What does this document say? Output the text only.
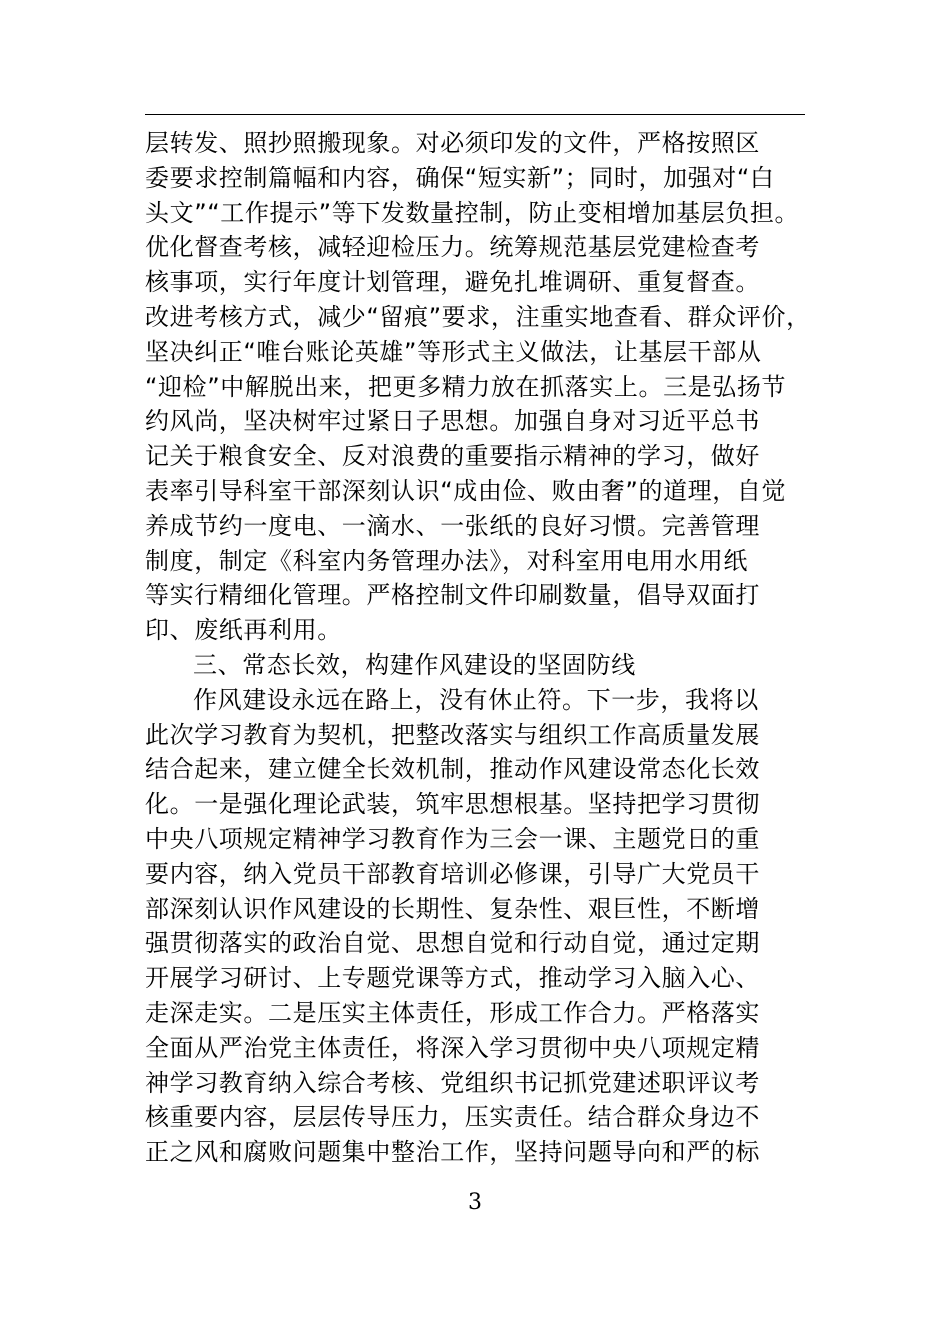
层转发、照抄照搬现象。对必须印发的文件，严格按照区
委要求控制篇幅和内容，确保“短实新”；同时，加强对“白
头文”“工作提示”等下发数量控制，防止变相增加基层负担。
优化督查考核，减轻迎检压力。统筹规范基层党建检查考
核事项，实行年度计划管理，避免扎堆调研、重复督查。
改进考核方式，减少“留痕”要求，注重实地查看、群众评价，
坚决纠正“唯台账论英雄”等形式主义做法，让基层干部从
“迎检”中解脱出来，把更多精力放在抓落实上。三是弘扬节
约风尚，坚决树牢过紧日子思想。加强自身对习近平总书
记关于粮食安全、反对浪费的重要指示精神的学习，做好
表率引导科室干部深刻认识“成由俭、败由奢”的道理，自觉
养成节约一度电、一滴水、一张纸的良好习惯。完善管理
制度，制定《科室内务管理办法》，对科室用电用水用纸
等实行精细化管理。严格控制文件印刷数量，倡导双面打
印、废纸再利用。
三、常态长效，构建作风建设的坚固防线
作风建设永远在路上，没有休止符。下一步，我将以
此次学习教育为契机，把整改落实与组织工作高质量发展
结合起来，建立健全长效机制，推动作风建设常态化长效
化。一是强化理论武装，筑牢思想根基。坚持把学习贯彻
中央八项规定精神学习教育作为三会一课、主题党日的重
要内容，纳入党员干部教育培训必修课，引导广大党员干
部深刻认识作风建设的长期性、复杂性、艰巨性，不断增
强贯彻落实的政治自觉、思想自觉和行动自觉，通过定期
开展学习研讨、上专题党课等方式，推动学习入脑入心、
走深走实。二是压实主体责任，形成工作合力。严格落实
全面从严治党主体责任，将深入学习贯彻中央八项规定精
神学习教育纳入综合考核、党组织书记抓党建述职评议考
核重要内容，层层传导压力，压实责任。结合群众身边不
正之风和腐败问题集中整治工作，坚持问题导向和严的标
3
